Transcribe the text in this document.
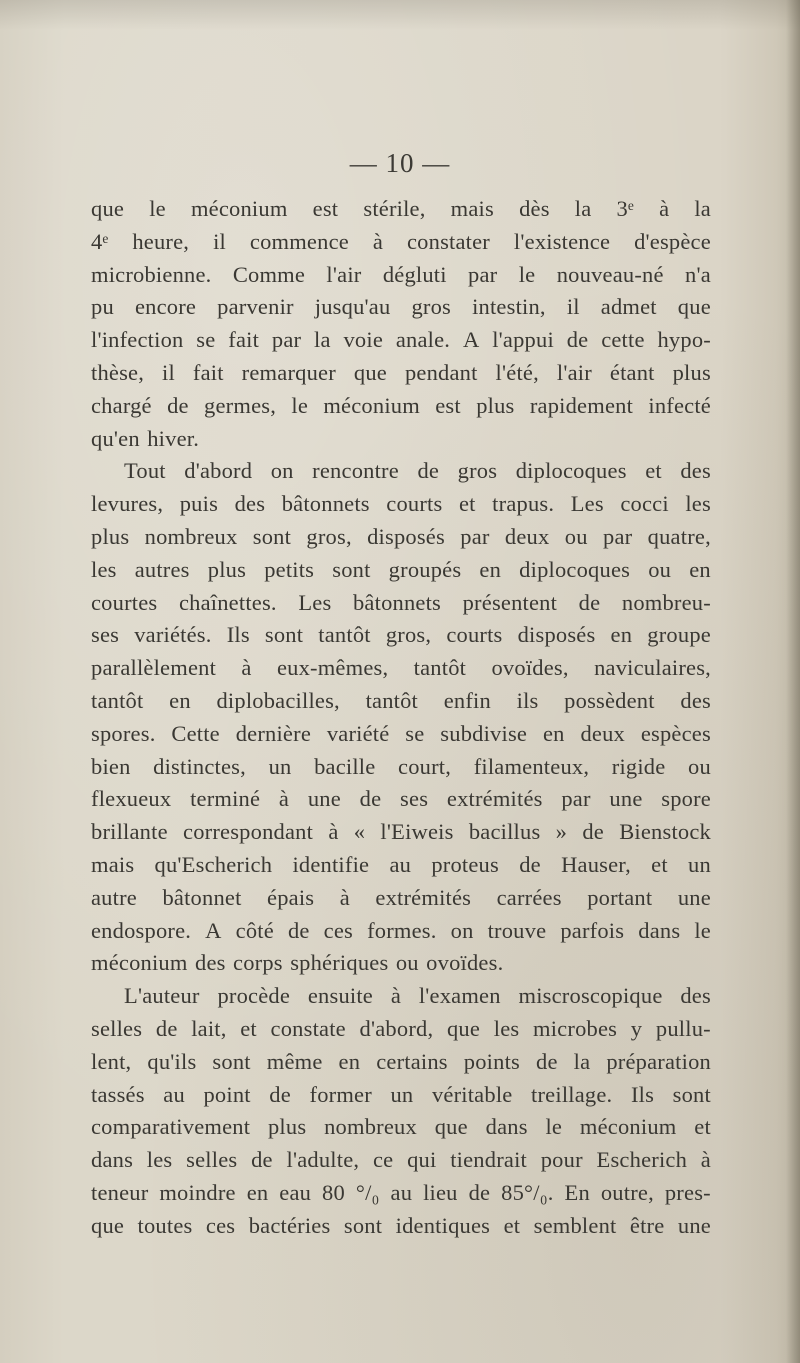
— 10 —
que le méconium est stérile, mais dès la 3ᵉ à la
4ᵉ heure, il commence à constater l'existence d'espèce
microbienne. Comme l'air dégluti par le nouveau-né n'a
pu encore parvenir jusqu'au gros intestin, il admet que
l'infection se fait par la voie anale. A l'appui de cette hypo-
thèse, il fait remarquer que pendant l'été, l'air étant plus
chargé de germes, le méconium est plus rapidement infecté
qu'en hiver.
Tout d'abord on rencontre de gros diplocoques et des
levures, puis des bâtonnets courts et trapus. Les cocci les
plus nombreux sont gros, disposés par deux ou par quatre,
les autres plus petits sont groupés en diplocoques ou en
courtes chaînettes. Les bâtonnets présentent de nombreu-
ses variétés. Ils sont tantôt gros, courts disposés en groupe
parallèlement à eux-mêmes, tantôt ovoïdes, naviculaires,
tantôt en diplobacilles, tantôt enfin ils possèdent des
spores. Cette dernière variété se subdivise en deux espèces
bien distinctes, un bacille court, filamenteux, rigide ou
flexueux terminé à une de ses extrémités par une spore
brillante correspondant à « l'Eiweis bacillus » de Bienstock
mais qu'Escherich identifie au proteus de Hauser, et un
autre bâtonnet épais à extrémités carrées portant une
endospore. A côté de ces formes. on trouve parfois dans le
méconium des corps sphériques ou ovoïdes.
L'auteur procède ensuite à l'examen miscroscopique des
selles de lait, et constate d'abord, que les microbes y pullu-
lent, qu'ils sont même en certains points de la préparation
tassés au point de former un véritable treillage. Ils sont
comparativement plus nombreux que dans le méconium et
dans les selles de l'adulte, ce qui tiendrait pour Escherich à
teneur moindre en eau 80 °/₀ au lieu de 85°/₀. En outre, pres-
que toutes ces bactéries sont identiques et semblent être une
